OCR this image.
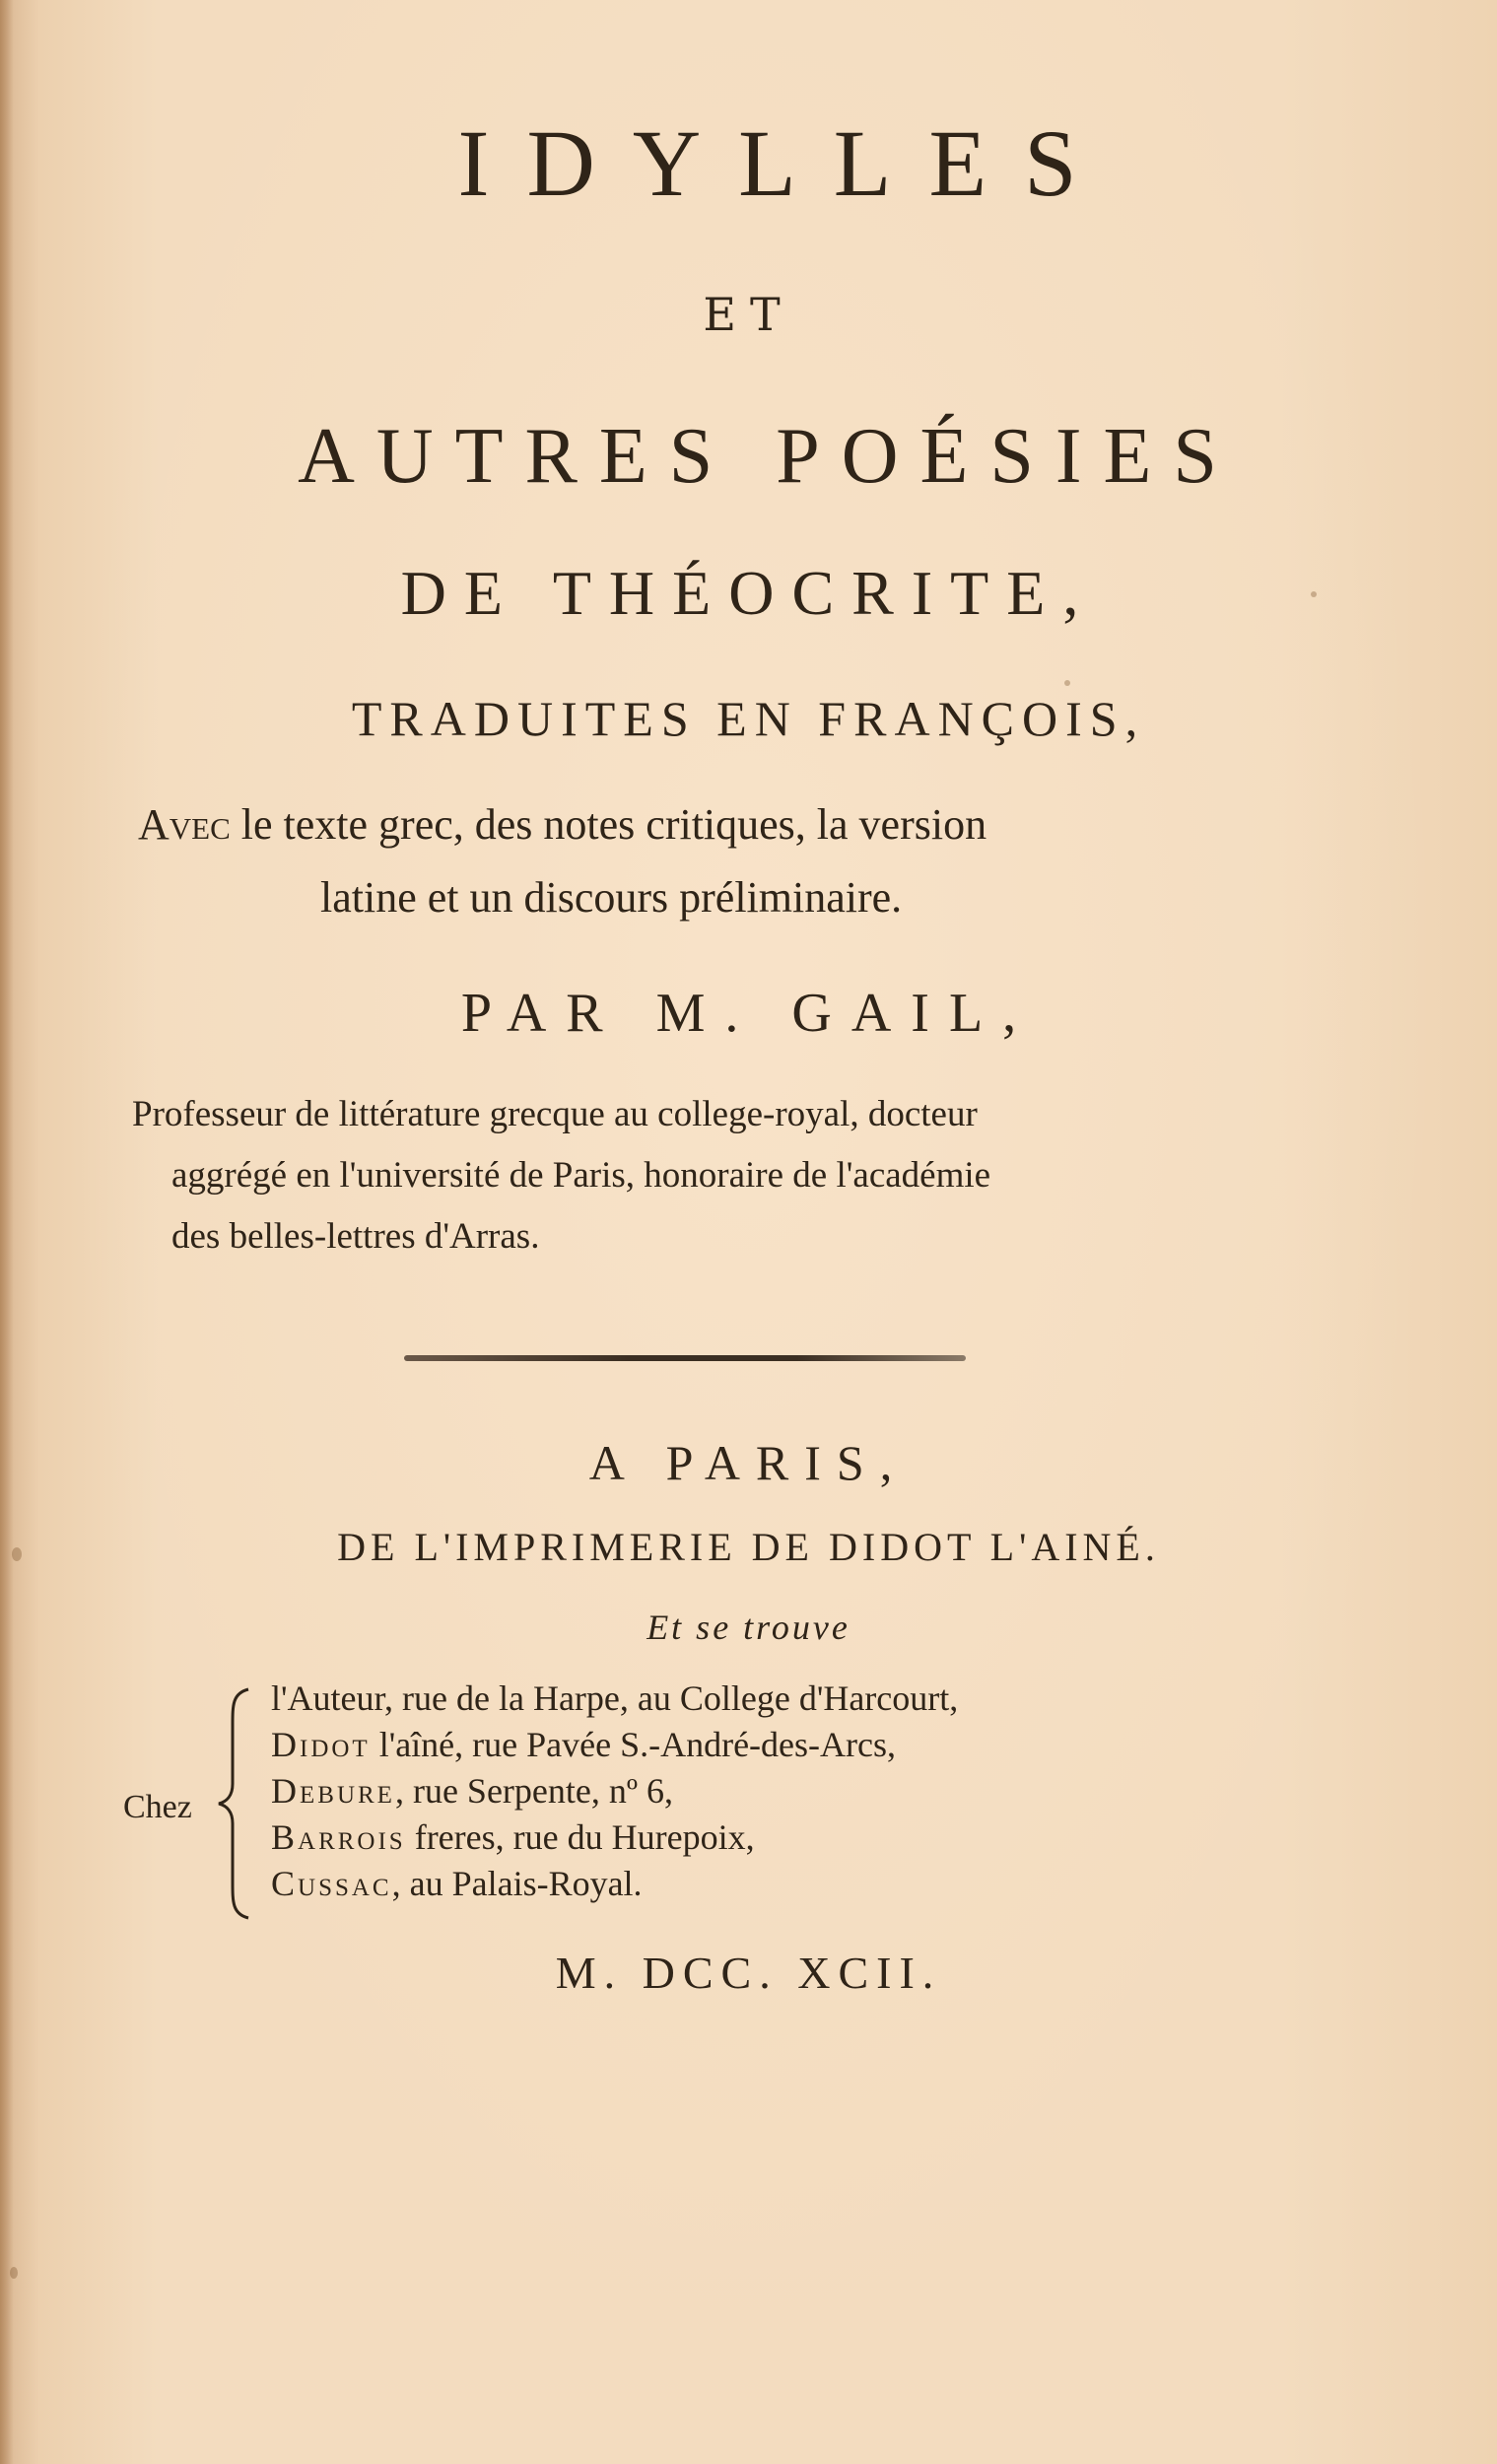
IDYLLES
ET
AUTRES POÉSIES
DE THÉOCRITE,
TRADUITES EN FRANÇOIS,
Avec le texte grec, des notes critiques, la version
latine et un discours préliminaire.
PAR M. GAIL,
Professeur de littérature grecque au college-royal, docteur
aggrégé en l'université de Paris, honoraire de l'académie
des belles-lettres d'Arras.
A PARIS,
DE L'IMPRIMERIE DE DIDOT L'AINÉ.
Et se trouve
Chez
l'Auteur, rue de la Harpe, au College d'Harcourt,
Didot l'aîné, rue Pavée S.-André-des-Arcs,
Debure, rue Serpente, nº 6,
Barrois freres, rue du Hurepoix,
Cussac, au Palais-Royal.
M. DCC. XCII.
